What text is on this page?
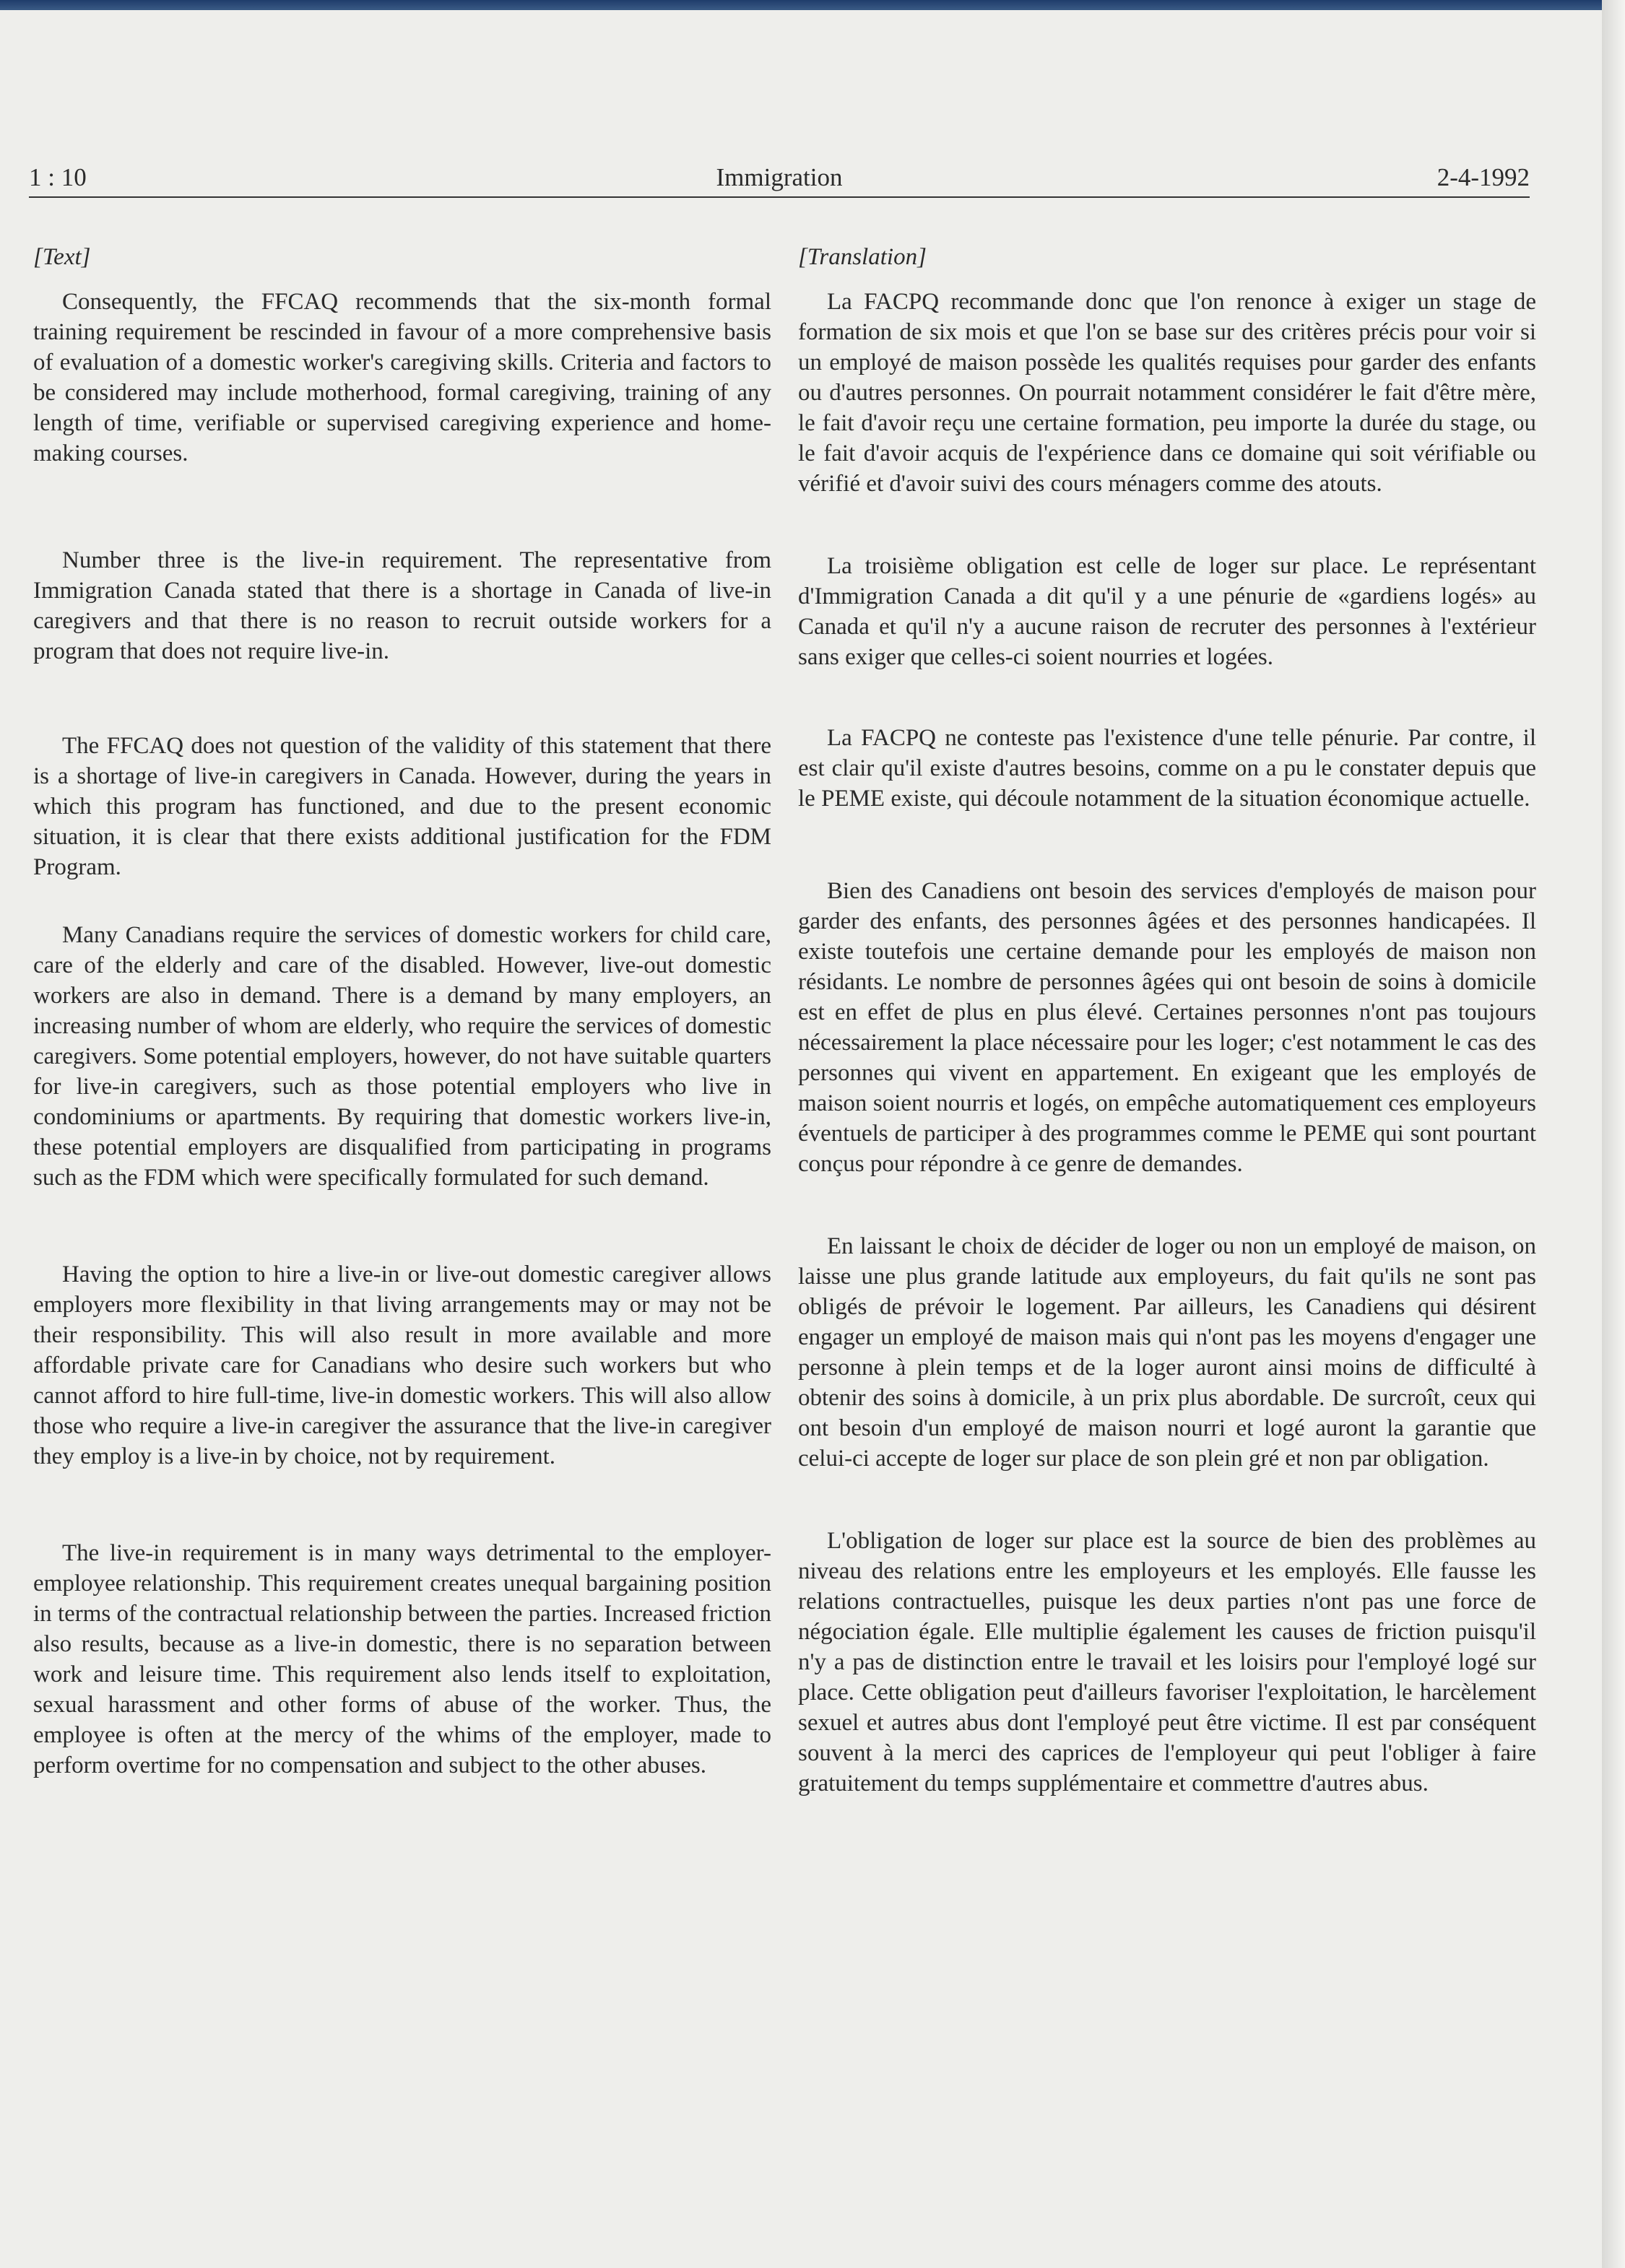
Immigration
1 : 10	2-4-1992

[Text]

Consequently, the FFCAQ recommends that the six-month formal training requirement be rescinded in favour of a more comprehensive basis of evaluation of a domestic worker's caregiving skills. Criteria and factors to be considered may include motherhood, formal caregiving, training of any length of time, verifiable or supervised caregiving experience and home-making courses.

Number three is the live-in requirement. The representative from Immigration Canada stated that there is a shortage in Canada of live-in caregivers and that there is no reason to recruit outside workers for a program that does not require live-in.

The FFCAQ does not question of the validity of this statement that there is a shortage of live-in caregivers in Canada. However, during the years in which this program has functioned, and due to the present economic situation, it is clear that there exists additional justification for the FDM Program.

Many Canadians require the services of domestic workers for child care, care of the elderly and care of the disabled. However, live-out domestic workers are also in demand. There is a demand by many employers, an increasing number of whom are elderly, who require the services of domestic caregivers. Some potential employers, however, do not have suitable quarters for live-in caregivers, such as those potential employers who live in condominiums or apartments. By requiring that domestic workers live-in, these potential employers are disqualified from participating in programs such as the FDM which were specifically formulated for such demand.

Having the option to hire a live-in or live-out domestic caregiver allows employers more flexibility in that living arrangements may or may not be their responsibility. This will also result in more available and more affordable private care for Canadians who desire such workers but who cannot afford to hire full-time, live-in domestic workers. This will also allow those who require a live-in caregiver the assurance that the live-in caregiver they employ is a live-in by choice, not by requirement.

The live-in requirement is in many ways detrimental to the employer-employee relationship. This requirement creates unequal bargaining position in terms of the contractual relationship between the parties. Increased friction also results, because as a live-in domestic, there is no separation between work and leisure time. This requirement also lends itself to exploitation, sexual harassment and other forms of abuse of the worker. Thus, the employee is often at the mercy of the whims of the employer, made to perform overtime for no compensation and subject to the other abuses.

[Translation]

La FACPQ recommande donc que l'on renonce à exiger un stage de formation de six mois et que l'on se base sur des critères précis pour voir si un employé de maison possède les qualités requises pour garder des enfants ou d'autres personnes. On pourrait notamment considérer le fait d'être mère, le fait d'avoir reçu une certaine formation, peu importe la durée du stage, ou le fait d'avoir acquis de l'expérience dans ce domaine qui soit vérifiable ou vérifié et d'avoir suivi des cours ménagers comme des atouts.

La troisième obligation est celle de loger sur place. Le représentant d'Immigration Canada a dit qu'il y a une pénurie de «gardiens logés» au Canada et qu'il n'y a aucune raison de recruter des personnes à l'extérieur sans exiger que celles-ci soient nourries et logées.

La FACPQ ne conteste pas l'existence d'une telle pénurie. Par contre, il est clair qu'il existe d'autres besoins, comme on a pu le constater depuis que le PEME existe, qui découle notamment de la situation économique actuelle.

Bien des Canadiens ont besoin des services d'employés de maison pour garder des enfants, des personnes âgées et des personnes handicapées. Il existe toutefois une certaine demande pour les employés de maison non résidants. Le nombre de personnes âgées qui ont besoin de soins à domicile est en effet de plus en plus élevé. Certaines personnes n'ont pas toujours nécessairement la place nécessaire pour les loger; c'est notamment le cas des personnes qui vivent en appartement. En exigeant que les employés de maison soient nourris et logés, on empêche automatiquement ces employeurs éventuels de participer à des programmes comme le PEME qui sont pourtant conçus pour répondre à ce genre de demandes.

En laissant le choix de décider de loger ou non un employé de maison, on laisse une plus grande latitude aux employeurs, du fait qu'ils ne sont pas obligés de prévoir le logement. Par ailleurs, les Canadiens qui désirent engager un employé de maison mais qui n'ont pas les moyens d'engager une personne à plein temps et de la loger auront ainsi moins de difficulté à obtenir des soins à domicile, à un prix plus abordable. De surcroît, ceux qui ont besoin d'un employé de maison nourri et logé auront la garantie que celui-ci accepte de loger sur place de son plein gré et non par obligation.

L'obligation de loger sur place est la source de bien des problèmes au niveau des relations entre les employeurs et les employés. Elle fausse les relations contractuelles, puisque les deux parties n'ont pas une force de négociation égale. Elle multiplie également les causes de friction puisqu'il n'y a pas de distinction entre le travail et les loisirs pour l'employé logé sur place. Cette obligation peut d'ailleurs favoriser l'exploitation, le harcèlement sexuel et autres abus dont l'employé peut être victime. Il est par conséquent souvent à la merci des caprices de l'employeur qui peut l'obliger à faire gratuitement du temps supplémentaire et commettre d'autres abus.
